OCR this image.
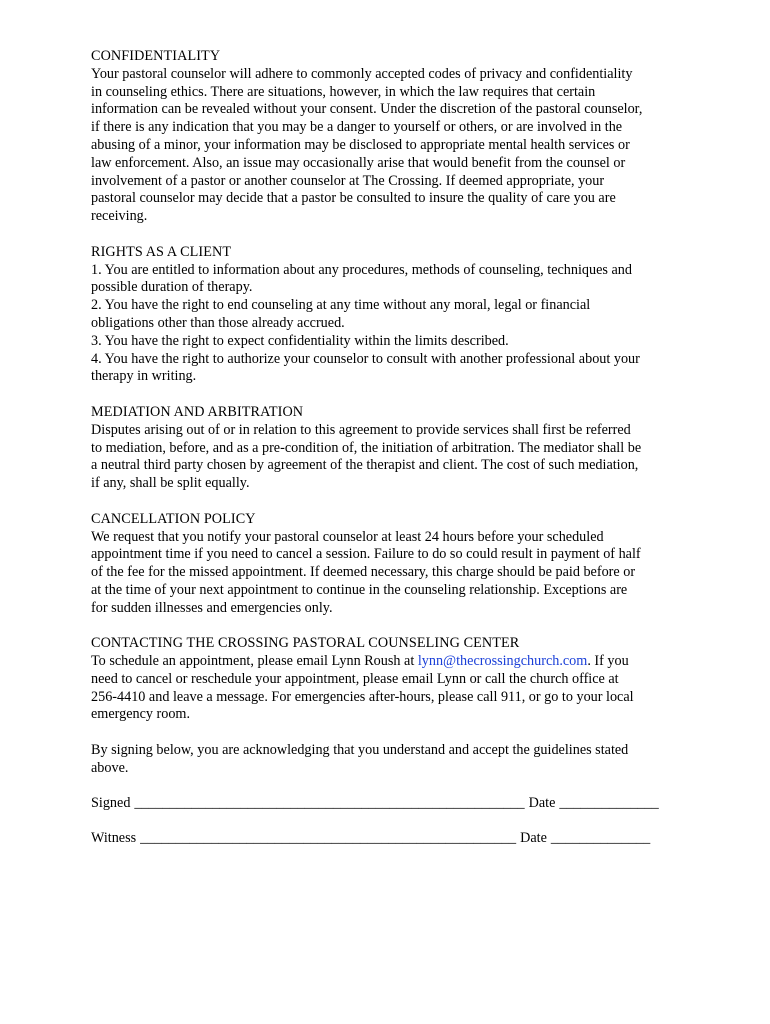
CONFIDENTIALITY
Your pastoral counselor will adhere to commonly accepted codes of privacy and confidentiality
in counseling ethics. There are situations, however, in which the law requires that certain
information can be revealed without your consent. Under the discretion of the pastoral counselor,
if there is any indication that you may be a danger to yourself or others, or are involved in the
abusing of a minor, your information may be disclosed to appropriate mental health services or
law enforcement. Also, an issue may occasionally arise that would benefit from the counsel or
involvement of a pastor or another counselor at The Crossing. If deemed appropriate, your
pastoral counselor may decide that a pastor be consulted to insure the quality of care you are
receiving.
RIGHTS AS A CLIENT
1. You are entitled to information about any procedures, methods of counseling, techniques and
possible duration of therapy.
2. You have the right to end counseling at any time without any moral, legal or financial
obligations other than those already accrued.
3. You have the right to expect confidentiality within the limits described.
4. You have the right to authorize your counselor to consult with another professional about your
therapy in writing.
MEDIATION AND ARBITRATION
Disputes arising out of or in relation to this agreement to provide services shall first be referred
to mediation, before, and as a pre-condition of, the initiation of arbitration. The mediator shall be
a neutral third party chosen by agreement of the therapist and client. The cost of such mediation,
if any, shall be split equally.
CANCELLATION POLICY
We request that you notify your pastoral counselor at least 24 hours before your scheduled
appointment time if you need to cancel a session. Failure to do so could result in payment of half
of the fee for the missed appointment. If deemed necessary, this charge should be paid before or
at the time of your next appointment to continue in the counseling relationship. Exceptions are
for sudden illnesses and emergencies only.
CONTACTING THE CROSSING PASTORAL COUNSELING CENTER
To schedule an appointment, please email Lynn Roush at lynn@thecrossingchurch.com. If you
need to cancel or reschedule your appointment, please email Lynn or call the church office at
256-4410 and leave a message. For emergencies after-hours, please call 911, or go to your local
emergency room.
By signing below, you are acknowledging that you understand and accept the guidelines stated
above.
Signed _______________________________________________________ Date ______________
Witness _____________________________________________________ Date ______________
